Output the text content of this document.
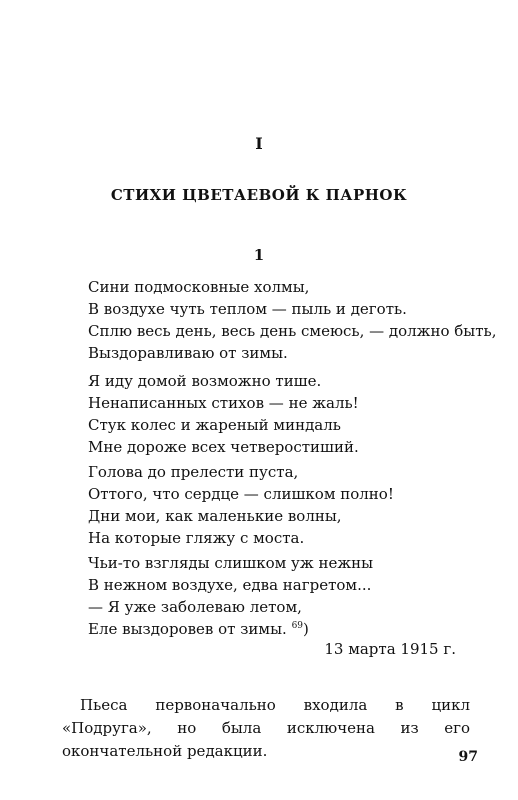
I
СТИХИ ЦВЕТАЕВОЙ К ПАРНОК
1
Сини подмосковные холмы,
В воздухе чуть теплом — пыль и деготь.
Сплю весь день, весь день смеюсь, — должно быть,
Выздоравливаю от зимы.
Я иду домой возможно тише.
Ненаписанных стихов — не жаль!
Стук колес и жареный миндаль
Мне дороже всех четверостиший.
Голова до прелести пуста,
Оттого, что сердце — слишком полно!
Дни мои, как маленькие волны,
На которые гляжу с моста.
Чьи-то взгляды слишком уж нежны
В нежном воздухе, едва нагретом...
— Я уже заболеваю летом,
Еле выздоровев от зимы. $^{69}$)
13 марта 1915 г.
Пьеса первоначально входила в цикл «Подруга», но была исключена из его окончательной редакции.	97
